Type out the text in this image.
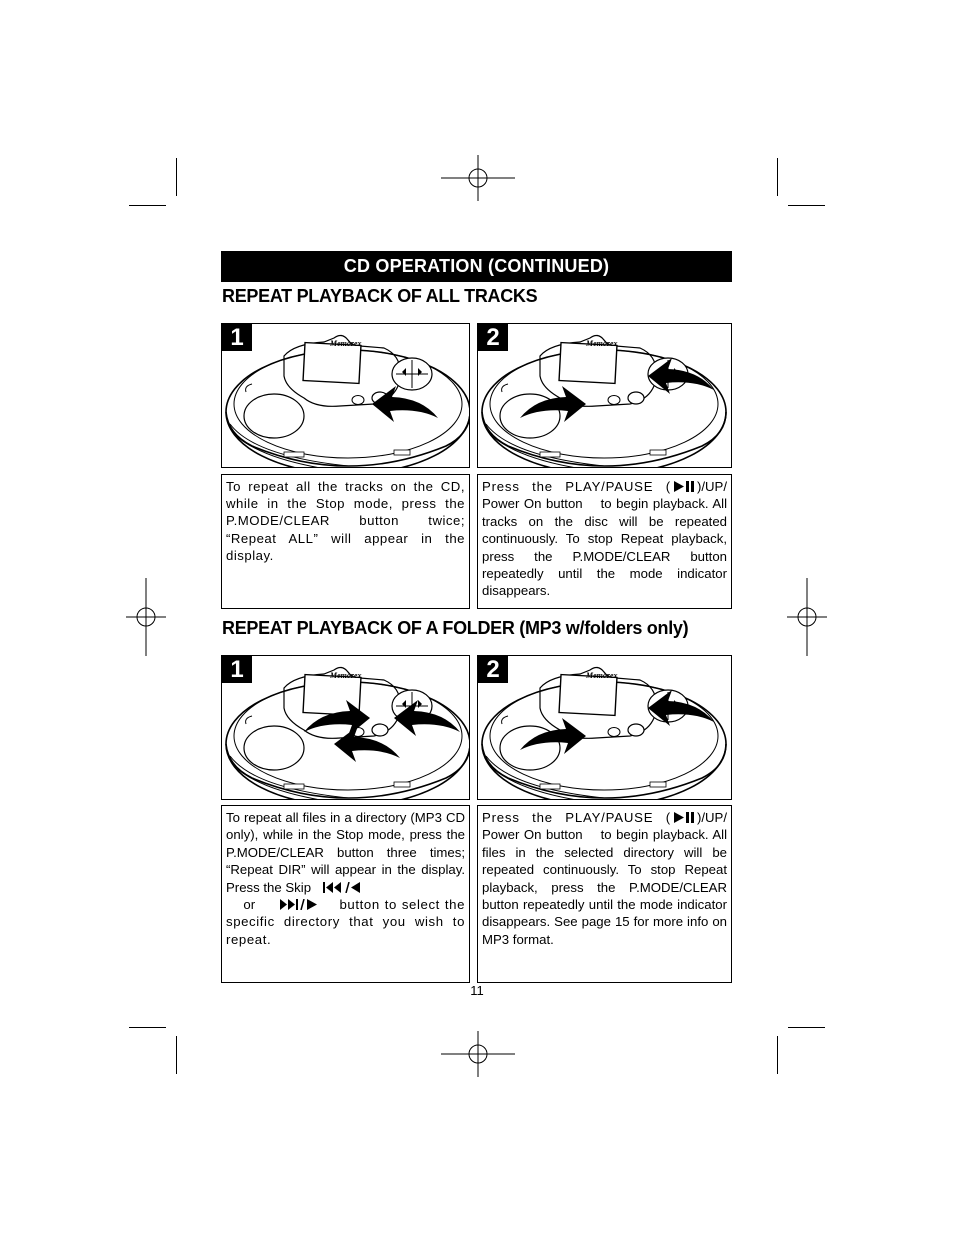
CD OPERATION (CONTINUED)
REPEAT PLAYBACK OF ALL TRACKS
1	Memorex	2	Memorex

To repeat all the tracks on the CD, while in the Stop mode, press the P.MODE/CLEAR button twice; “Repeat ALL” will appear in the display.

Press the PLAY/PAUSE ( )/UP/ Power On button to begin playback. All tracks on the disc will be repeated continuously. To stop Repeat playback, press the P.MODE/CLEAR button repeatedly until the mode indicator disappears.

REPEAT PLAYBACK OF A FOLDER (MP3 w/folders only)
1	Memorex	2	Memorex

To repeat all files in a directory (MP3 CD only), while in the Stop mode, press the P.MODE/CLEAR button three times; “Repeat DIR” will appear in the display. Press the Skip

or	button to select the specific directory that you wish to repeat.

Press the PLAY/PAUSE ( )/UP/ Power On button to begin playback. All files in the selected directory will be repeated continuously. To stop Repeat playback, press the P.MODE/CLEAR button repeatedly until the mode indicator disappears. See page 15 for more info on MP3 format.

11
